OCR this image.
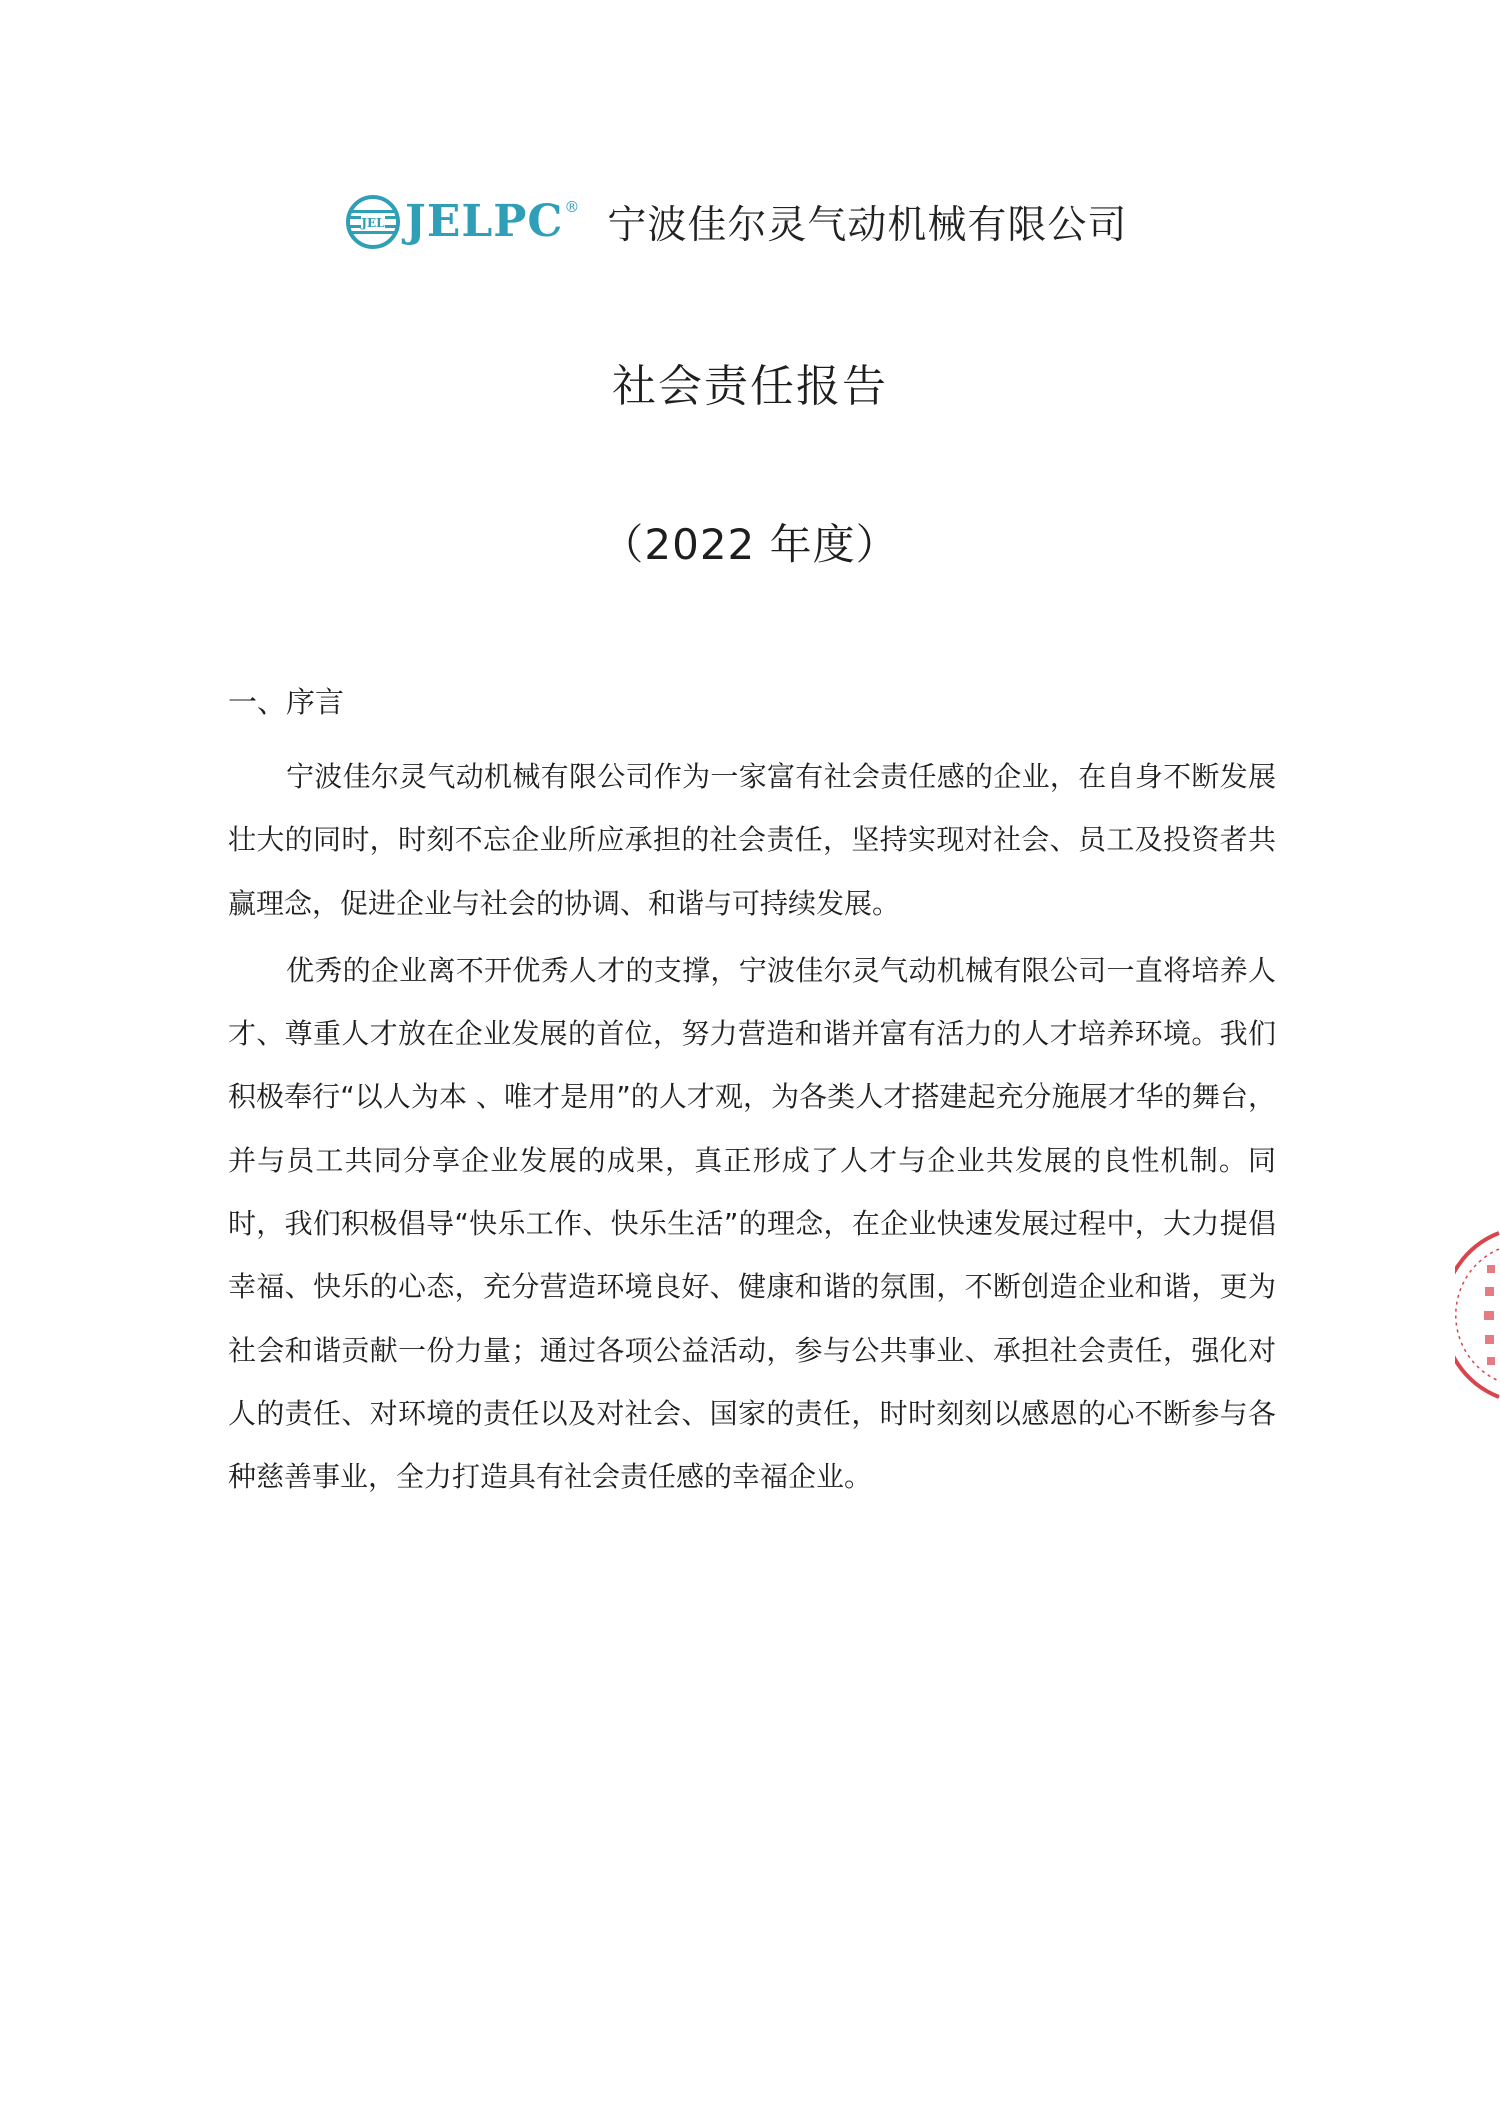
JEL JELPC ® 宁波佳尔灵气动机械有限公司
社会责任报告
（2022 年度）
一、序言

宁波佳尔灵气动机械有限公司作为一家富有社会责任感的企业，在自身不断发展壮大的同时，时刻不忘企业所应承担的社会责任，坚持实现对社会、员工及投资者共赢理念，促进企业与社会的协调、和谐与可持续发展。

优秀的企业离不开优秀人才的支撑，宁波佳尔灵气动机械有限公司一直将培养人才、尊重人才放在企业发展的首位，努力营造和谐并富有活力的人才培养环境。我们积极奉行“以人为本 、唯才是用”的人才观，为各类人才搭建起充分施展才华的舞台，并与员工共同分享企业发展的成果，真正形成了人才与企业共发展的良性机制。同时，我们积极倡导“快乐工作、快乐生活”的理念，在企业快速发展过程中，大力提倡幸福、快乐的心态，充分营造环境良好、健康和谐的氛围，不断创造企业和谐，更为社会和谐贡献一份力量；通过各项公益活动，参与公共事业、承担社会责任，强化对人的责任、对环境的责任以及对社会、国家的责任，时时刻刻以感恩的心不断参与各种慈善事业，全力打造具有社会责任感的幸福企业。
